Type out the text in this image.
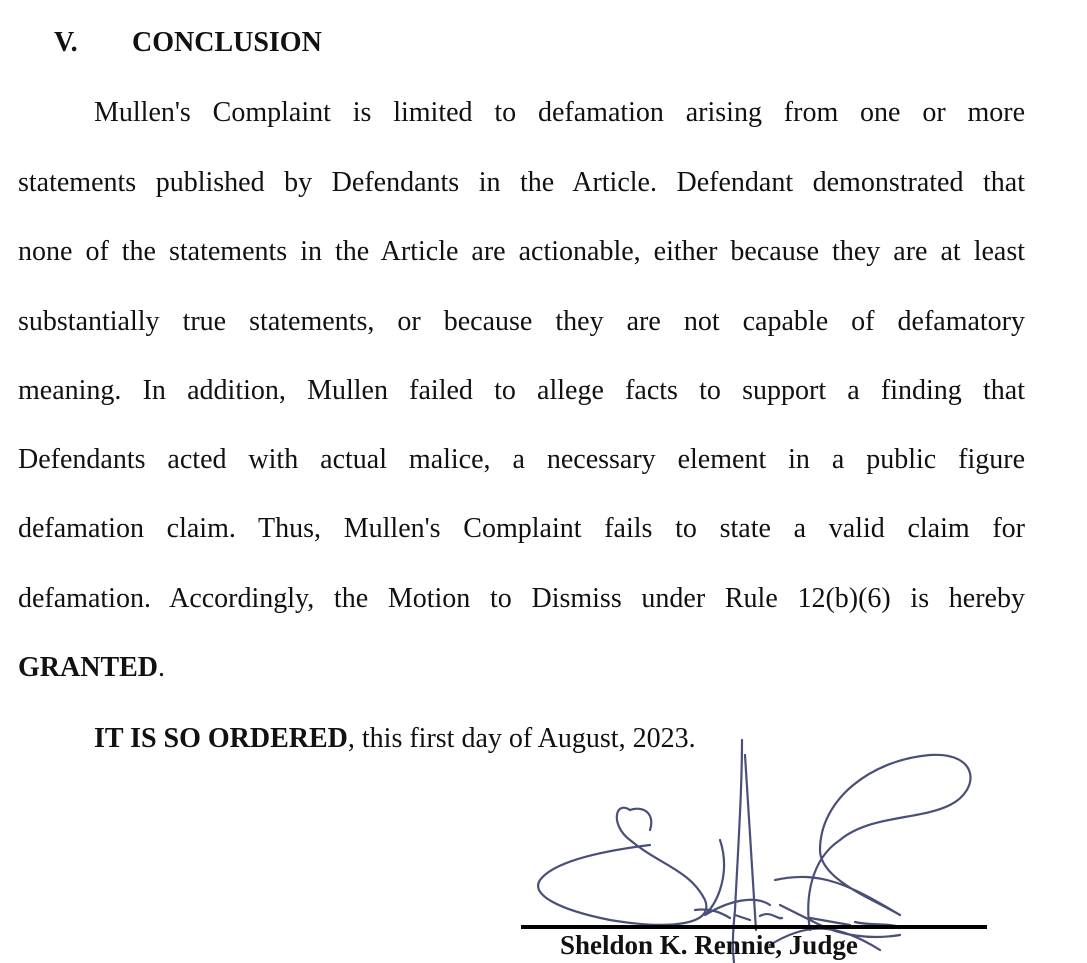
V.	CONCLUSION
Mullen's Complaint is limited to defamation arising from one or more
statements published by Defendants in the Article. Defendant demonstrated that
none of the statements in the Article are actionable, either because they are at least
substantially true statements, or because they are not capable of defamatory
meaning. In addition, Mullen failed to allege facts to support a finding that
Defendants acted with actual malice, a necessary element in a public figure
defamation claim. Thus, Mullen's Complaint fails to state a valid claim for
defamation. Accordingly, the Motion to Dismiss under Rule 12(b)(6) is hereby
GRANTED.
IT IS SO ORDERED, this first day of August, 2023.
Sheldon K. Rennie, Judge
